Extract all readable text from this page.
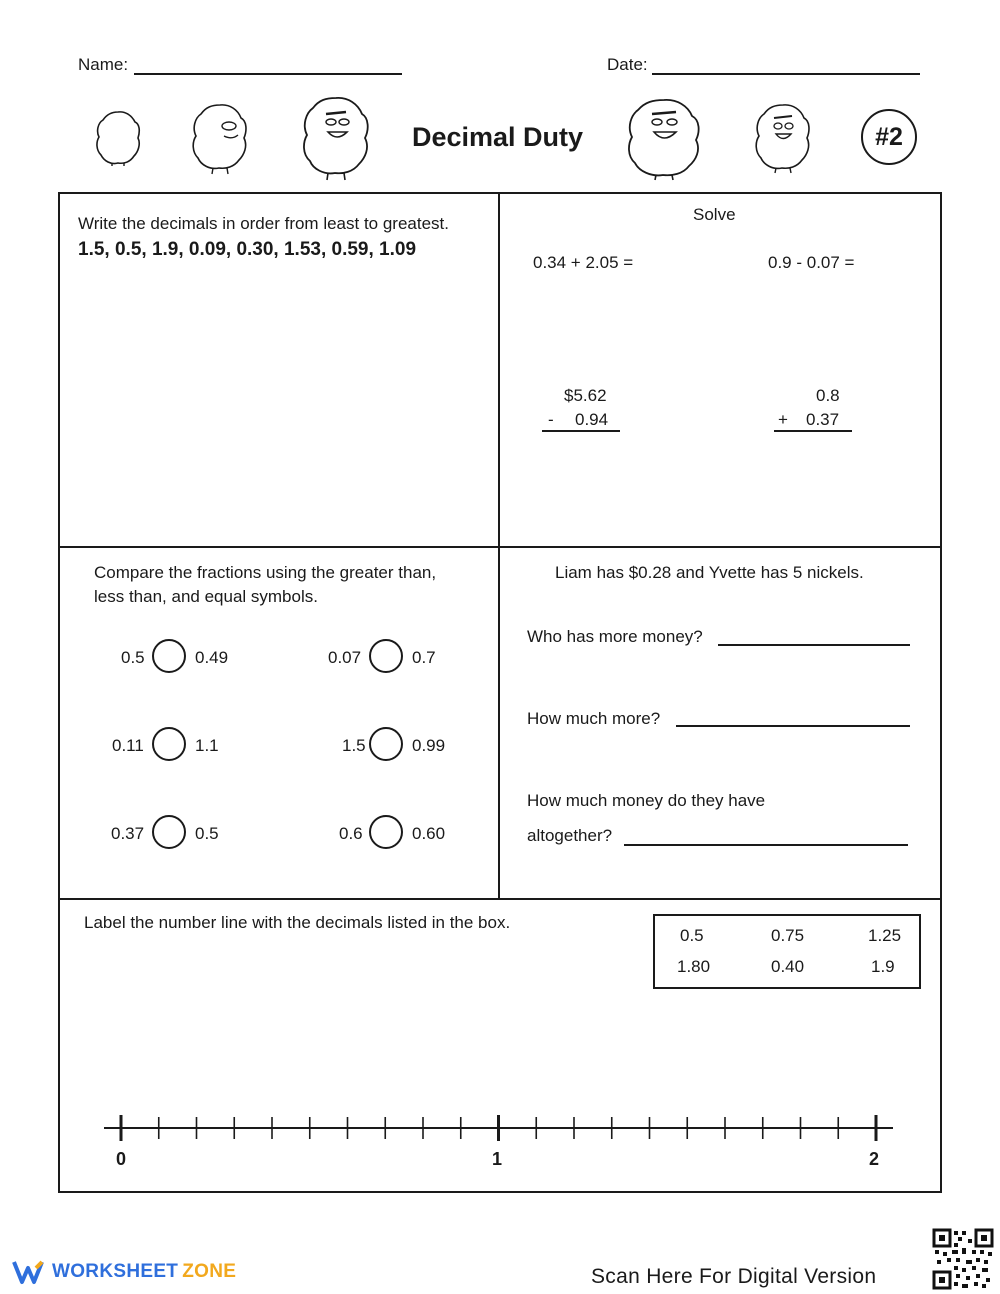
Name:	Date:
Decimal Duty	#2
Write the decimals in order from least to greatest.
1.5, 0.5, 1.9, 0.09, 0.30, 1.53, 0.59, 1.09
Solve
0.34 + 2.05 =	0.9 - 0.07 =
$5.62
- 0.94
0.8
+ 0.37
Compare the fractions using the greater than,
less than, and equal symbols.
0.5	0.49	0.07	0.7
0.11	1.1	1.5	0.99
0.37	0.5	0.6	0.60
Liam has $0.28 and Yvette has 5 nickels.
Who has more money?
How much more?
How much money do they have
altogether?
Label the number line with the decimals listed in the box.
0.5	0.75	1.25
1.80	0.40	1.9
0	1	2
WORKSHEET ZONE	Scan Here For Digital Version
